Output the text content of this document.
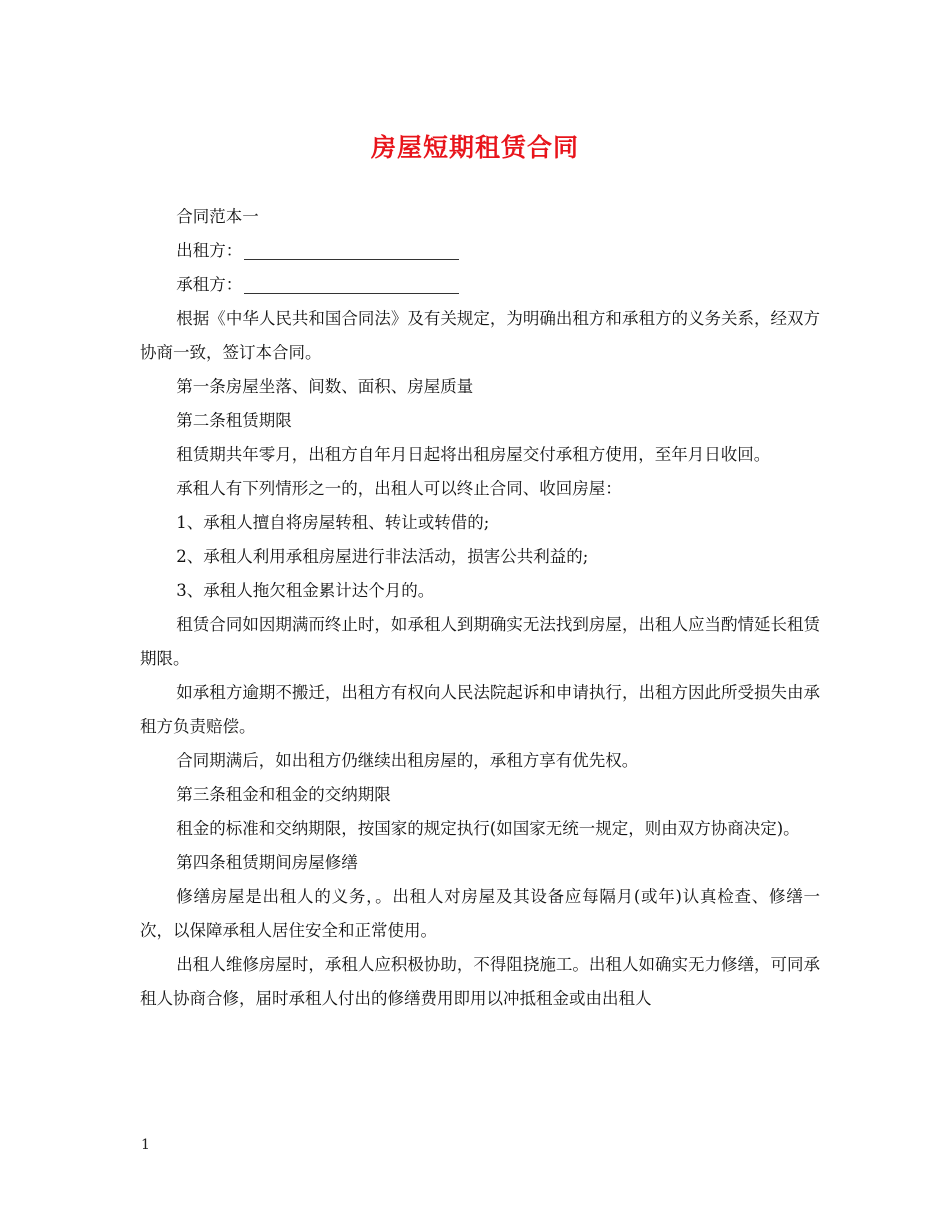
房屋短期租赁合同

合同范本一

出租方：

承租方：

根据《中华人民共和国合同法》及有关规定，为明确出租方和承租方的义务关系，经双方协商一致，签订本合同。

第一条房屋坐落、间数、面积、房屋质量

第二条租赁期限

租赁期共年零月，出租方自年月日起将出租房屋交付承租方使用，至年月日收回。

承租人有下列情形之一的，出租人可以终止合同、收回房屋：

1、承租人擅自将房屋转租、转让或转借的;

2、承租人利用承租房屋进行非法活动，损害公共利益的;

3、承租人拖欠租金累计达个月的。

租赁合同如因期满而终止时，如承租人到期确实无法找到房屋，出租人应当酌情延长租赁期限。

如承租方逾期不搬迁，出租方有权向人民法院起诉和申请执行，出租方因此所受损失由承租方负责赔偿。

合同期满后，如出租方仍继续出租房屋的，承租方享有优先权。

第三条租金和租金的交纳期限

租金的标准和交纳期限，按国家的规定执行(如国家无统一规定，则由双方协商决定)。

第四条租赁期间房屋修缮

修缮房屋是出租人的义务，。出租人对房屋及其设备应每隔月(或年)认真检查、修缮一次，以保障承租人居住安全和正常使用。

出租人维修房屋时，承租人应积极协助，不得阻挠施工。出租人如确实无力修缮，可同承租人协商合修，届时承租人付出的修缮费用即用以冲抵租金或由出租人

1
